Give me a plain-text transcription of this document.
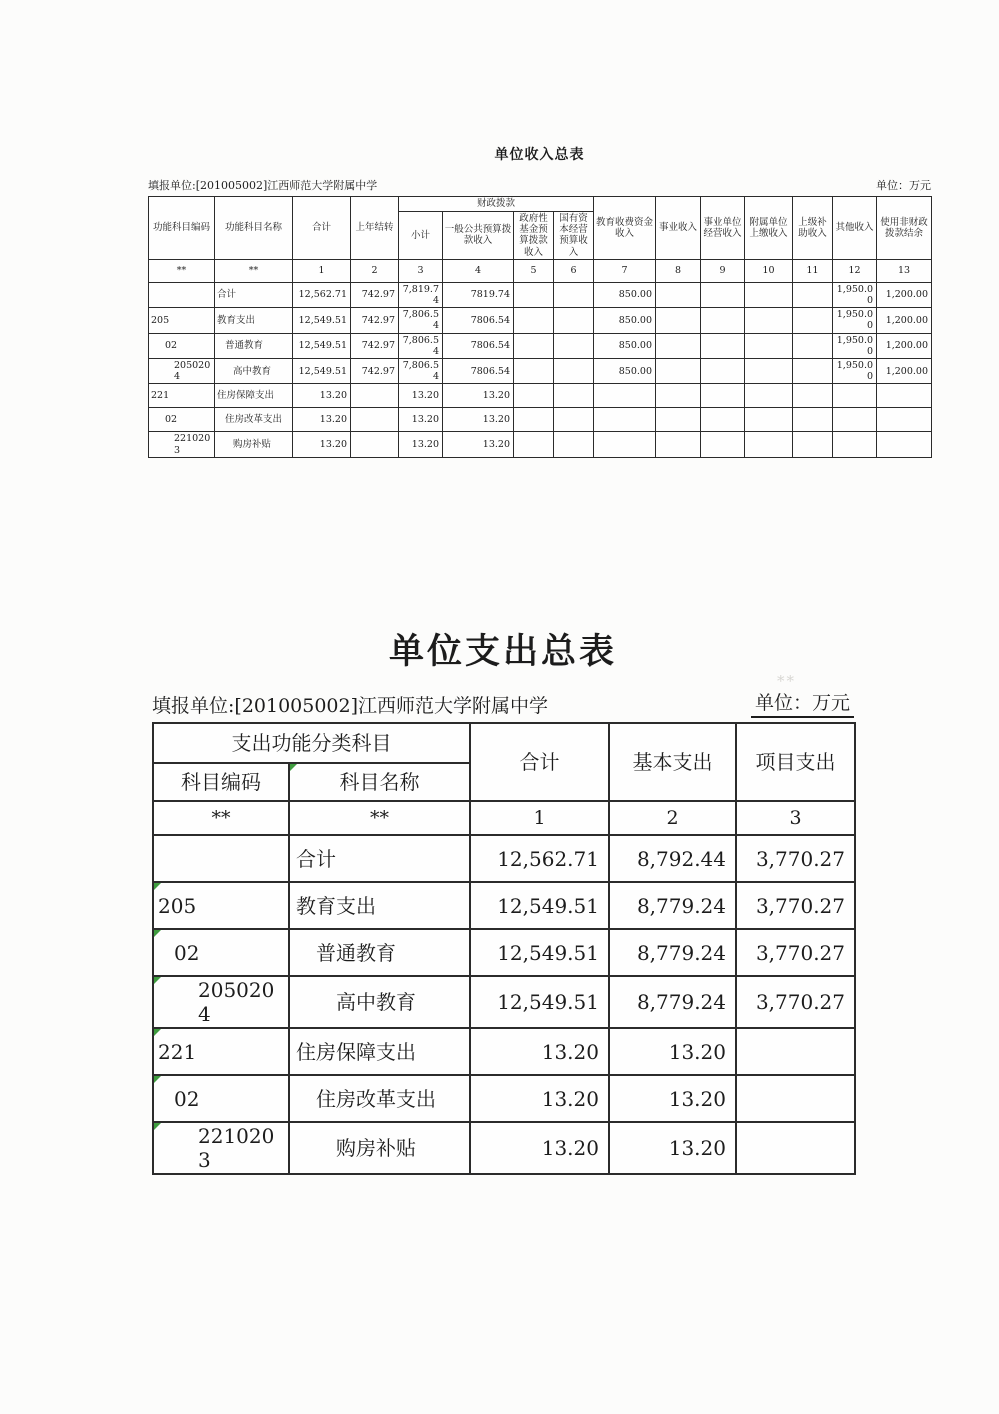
单位收入总表
填报单位:[201005002]江西师范大学附属中学	单位：万元
功能科目编码	功能科目名称	合计	上年结转	财政拨款				教育收费资金收入	事业收入	事业单位经营收入	附属单位上缴收入	上级补助收入	其他收入	使用非财政拨款结余
				小计	一般公共预算拨款收入	政府性基金预算拨款收入	国有资本经营预算收入							
**	**	1	2	3	4	5	6	7	8	9	10	11	12	13
	合计	12,562.71	742.97	7,819.74	7819.74			850.00					1,950.00	1,200.00
205	教育支出	12,549.51	742.97	7,806.54	7806.54			850.00					1,950.00	1,200.00
02	普通教育	12,549.51	742.97	7,806.54	7806.54			850.00					1,950.00	1,200.00
2050204	高中教育	12,549.51	742.97	7,806.54	7806.54			850.00					1,950.00	1,200.00
221	住房保障支出	13.20		13.20	13.20									
02	住房改革支出	13.20		13.20	13.20									
2210203	购房补贴	13.20		13.20	13.20									
单位支出总表
填报单位:[201005002]江西师范大学附属中学
**
单位：万元
支出功能分类科目		合计	基本支出	项目支出
科目编码	科目名称			
**	**	1	2	3
	合计	12,562.71	8,792.44	3,770.27
205	教育支出	12,549.51	8,779.24	3,770.27
02	普通教育	12,549.51	8,779.24	3,770.27
2050204	高中教育	12,549.51	8,779.24	3,770.27
221	住房保障支出	13.20	13.20	
02	住房改革支出	13.20	13.20	
2210203	购房补贴	13.20	13.20	
